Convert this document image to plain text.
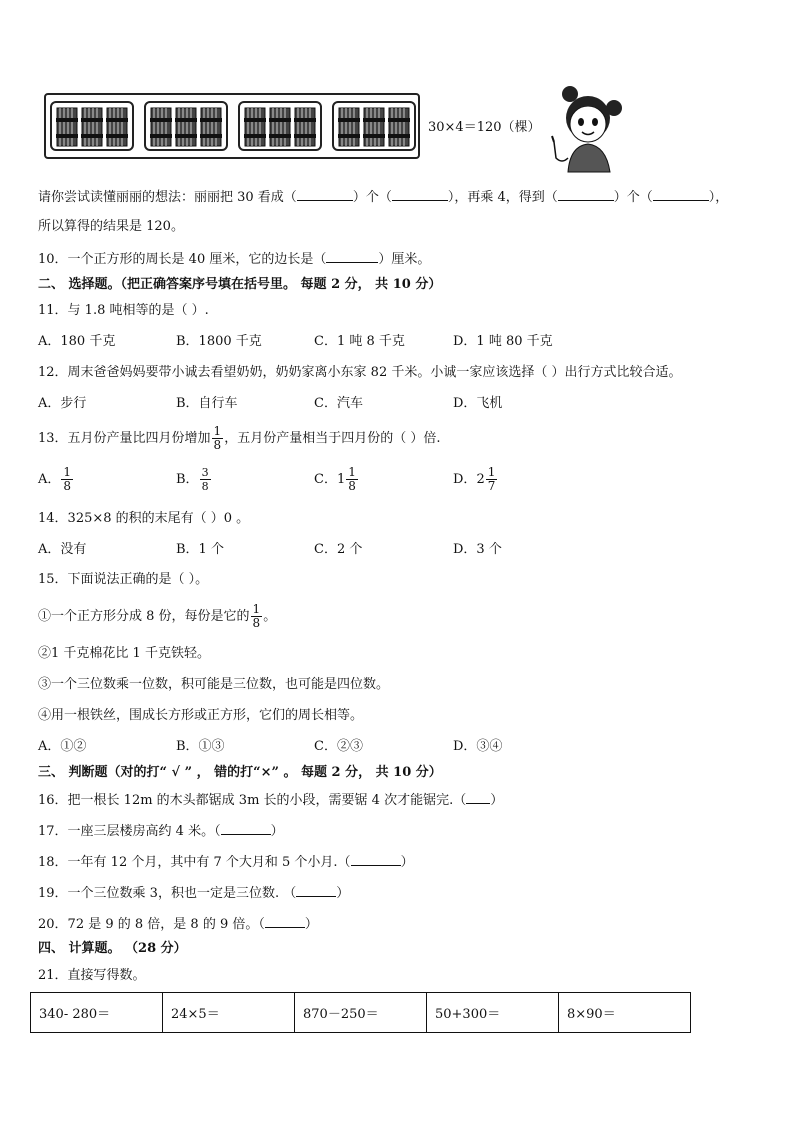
30×4＝120（棵）
请你尝试读懂丽丽的想法：丽丽把 30 看成（	）个（	），再乘 4，得到（	）个（	），
所以算得的结果是 120。
10．一个正方形的周长是 40 厘米，它的边长是（	）厘米。
二、 选择题。（把正确答案序号填在括号里。 每题 2 分， 共 10 分）
11．与 1.8 吨相等的是（ ）.
A．180 千克	B．1800 千克	C．1 吨 8 千克	D．1 吨 80 千克
12．周末爸爸妈妈要带小诚去看望奶奶，奶奶家离小东家 82 千米。小诚一家应该选择（ ）出行方式比较合适。
A．步行	B．自行车	C．汽车	D．飞机
13．五月份产量比四月份增加 $\frac{1}{8}$ ，五月份产量相当于四月份的（ ）倍.
A． $\frac{1}{8}$	B． $\frac{3}{8}$	C．$1 \frac{1}{8}$	D．$2 \frac{1}{7}$
14．325×8 的积的末尾有（ ）0 。
A．没有	B．1 个	C．2 个	D．3 个
15．下面说法正确的是（ ）。
①一个正方形分成 8 份，每份是它的 $\frac{1}{8}$ 。
②1 千克棉花比 1 千克铁轻。
③一个三位数乘一位数，积可能是三位数，也可能是四位数。
④用一根铁丝，围成长方形或正方形，它们的周长相等。
A．①②	B．①③	C．②③	D．③④
三、 判断题（对的打“ √ ” ， 错的打“×” 。 每题 2 分， 共 10 分）
16．把一根长 12m 的木头都锯成 3m 长的小段，需要锯 4 次才能锯完.（ ）
17．一座三层楼房高约 4 米。（	）
18．一年有 12 个月，其中有 7 个大月和 5 个小月.（	）
19．一个三位数乘 3，积也一定是三位数. （	）
20．72 是 9 的 8 倍，是 8 的 9 倍。（	）
四、 计算题。 （28 分）
21．直接写得数。
340- 280＝	24×5＝	870－250＝	50+300＝	8×90＝
